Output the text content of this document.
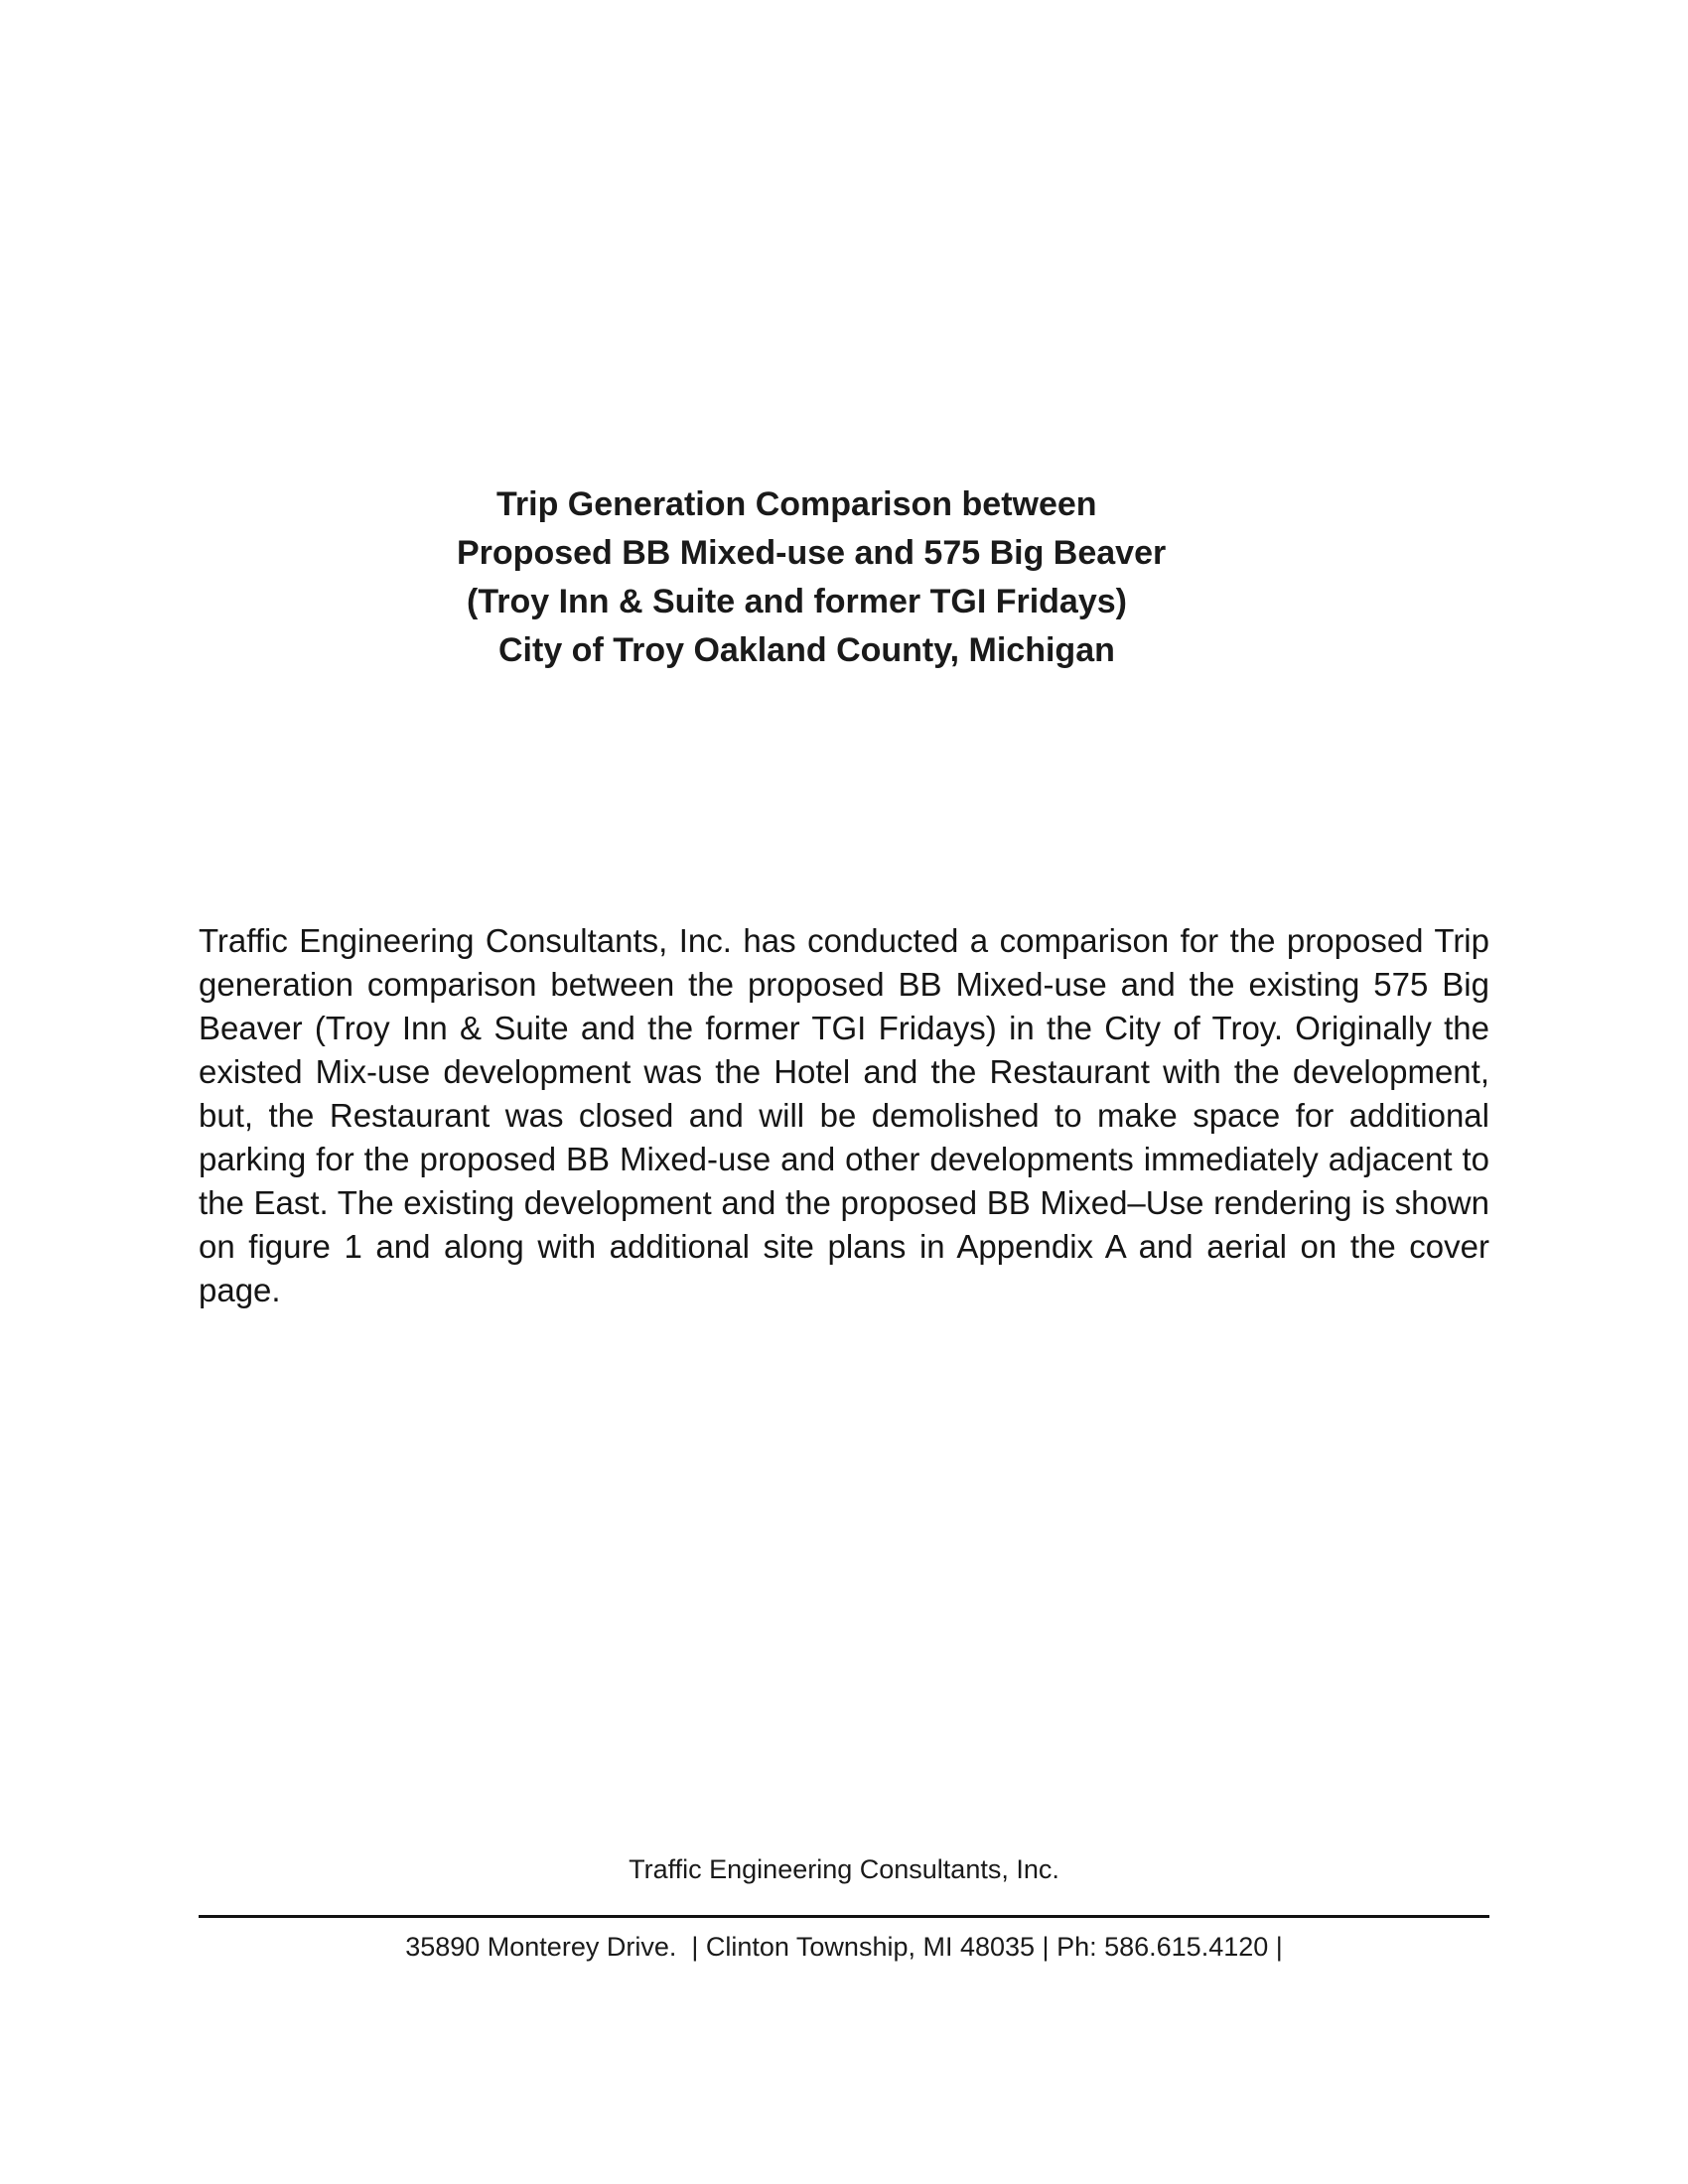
Trip Generation Comparison between
Proposed BB Mixed-use and 575 Big Beaver
(Troy Inn & Suite and former TGI Fridays)
City of Troy Oakland County, Michigan

Traffic Engineering Consultants, Inc. has conducted a comparison for the proposed Trip generation comparison between the proposed BB Mixed-use and the existing 575 Big Beaver (Troy Inn & Suite and the former TGI Fridays) in the City of Troy. Originally the existed Mix-use development was the Hotel and the Restaurant with the development, but, the Restaurant was closed and will be demolished to make space for additional parking for the proposed BB Mixed-use and other developments immediately adjacent to the East. The existing development and the proposed BB Mixed–Use rendering is shown on figure 1 and along with additional site plans in Appendix A and aerial on the cover page.

Traffic Engineering Consultants, Inc.
35890 Monterey Drive.  | Clinton Township, MI 48035 | Ph: 586.615.4120 |
